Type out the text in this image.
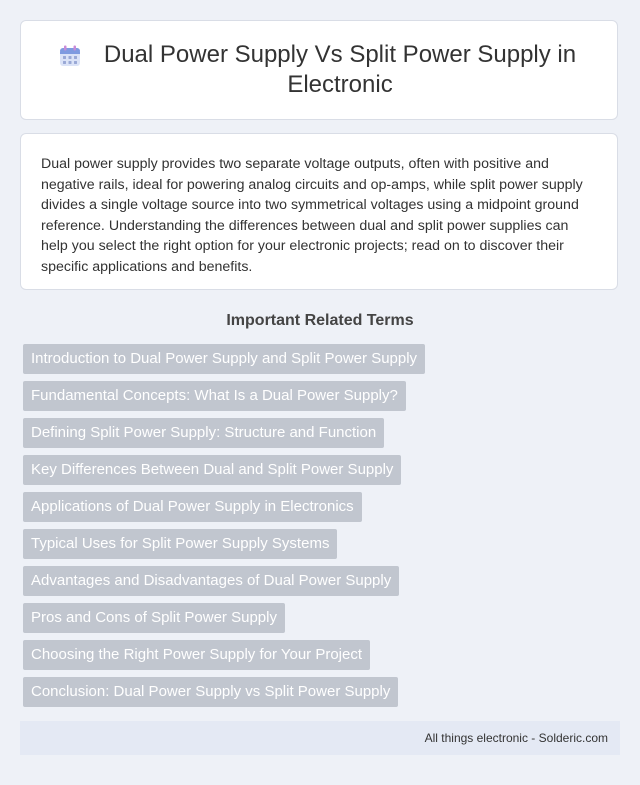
Dual Power Supply Vs Split Power Supply in Electronic

Dual power supply provides two separate voltage outputs, often with positive and negative rails, ideal for powering analog circuits and op-amps, while split power supply divides a single voltage source into two symmetrical voltages using a midpoint ground reference. Understanding the differences between dual and split power supplies can help you select the right option for your electronic projects; read on to discover their specific applications and benefits.

Important Related Terms
Introduction to Dual Power Supply and Split Power Supply
Fundamental Concepts: What Is a Dual Power Supply?
Defining Split Power Supply: Structure and Function
Key Differences Between Dual and Split Power Supply
Applications of Dual Power Supply in Electronics
Typical Uses for Split Power Supply Systems
Advantages and Disadvantages of Dual Power Supply
Pros and Cons of Split Power Supply
Choosing the Right Power Supply for Your Project
Conclusion: Dual Power Supply vs Split Power Supply
All things electronic - Solderic.com
